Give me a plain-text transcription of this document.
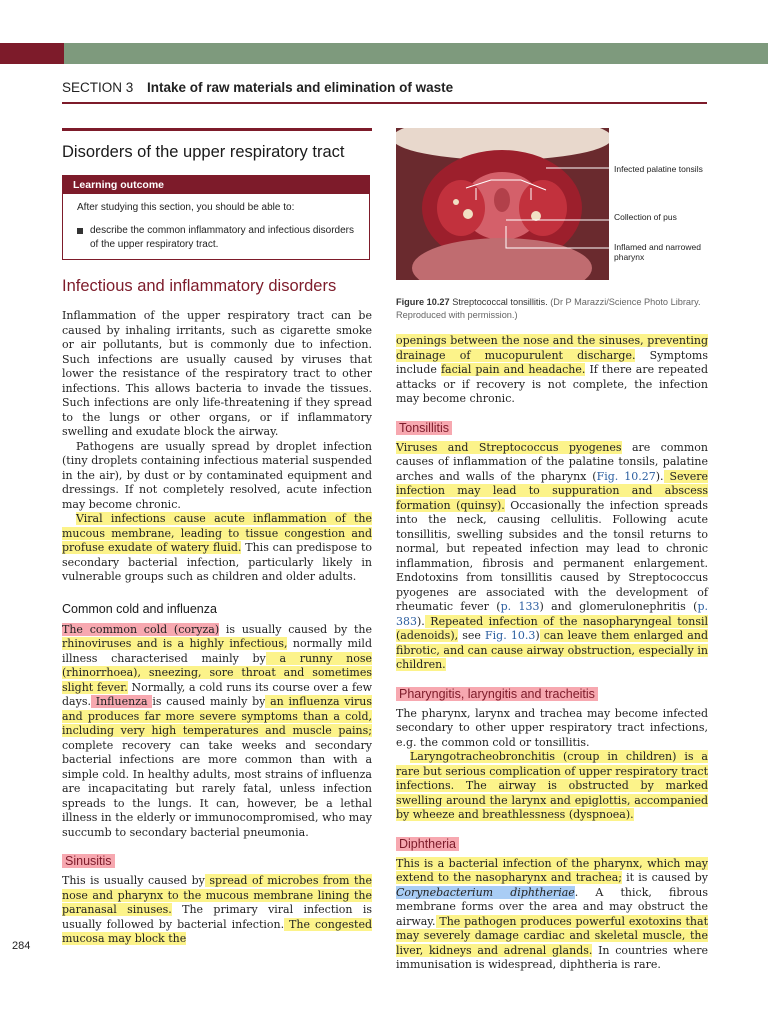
SECTION 3 Intake of raw materials and elimination of waste
Disorders of the upper respiratory tract
Learning outcome
After studying this section, you should be able to:
describe the common inflammatory and infectious disorders of the upper respiratory tract.
Infectious and inflammatory disorders

Inflammation of the upper respiratory tract can be caused by inhaling irritants, such as cigarette smoke or air pollutants, but is commonly due to infection. Such infections are usually caused by viruses that lower the resistance of the respiratory tract to other infections. This allows bacteria to invade the tissues. Such infections are only life-threatening if they spread to the lungs or other organs, or if inflammatory swelling and exudate block the airway.

Pathogens are usually spread by droplet infection (tiny droplets containing infectious material suspended in the air), by dust or by contaminated equipment and dressings. If not completely resolved, acute infection may become chronic.

Viral infections cause acute inflammation of the mucous membrane, leading to tissue congestion and profuse exudate of watery fluid. This can predispose to secondary bacterial infection, particularly likely in vulnerable groups such as children and older adults.

Common cold and influenza

The common cold (coryza) is usually caused by the rhinoviruses and is a highly infectious, normally mild illness characterised mainly by a runny nose (rhinorrhoea), sneezing, sore throat and sometimes slight fever. Normally, a cold runs its course over a few days. Influenza is caused mainly by an influenza virus and produces far more severe symptoms than a cold, including very high temperatures and muscle pains; complete recovery can take weeks and secondary bacterial infections are more common than with a simple cold. In healthy adults, most strains of influenza are incapacitating but rarely fatal, unless infection spreads to the lungs. It can, however, be a lethal illness in the elderly or immunocompromised, who may succumb to secondary bacterial pneumonia.

Sinusitis

This is usually caused by spread of microbes from the nose and pharynx to the mucous membrane lining the paranasal sinuses. The primary viral infection is usually followed by bacterial infection. The congested mucosa may block the

Infected palatine tonsils
Collection of pus
Inflamed and narrowed pharynx
Figure 10.27 Streptococcal tonsillitis. (Dr P Marazzi/Science Photo Library. Reproduced with permission.)

openings between the nose and the sinuses, preventing drainage of mucopurulent discharge. Symptoms include facial pain and headache. If there are repeated attacks or if recovery is not complete, the infection may become chronic.

Tonsillitis

Viruses and Streptococcus pyogenes are common causes of inflammation of the palatine tonsils, palatine arches and walls of the pharynx (Fig. 10.27). Severe infection may lead to suppuration and abscess formation (quinsy). Occasionally the infection spreads into the neck, causing cellulitis. Following acute tonsillitis, swelling subsides and the tonsil returns to normal, but repeated infection may lead to chronic inflammation, fibrosis and permanent enlargement. Endotoxins from tonsillitis caused by Streptococcus pyogenes are associated with the development of rheumatic fever (p. 133) and glomerulonephritis (p. 383). Repeated infection of the nasopharyngeal tonsil (adenoids), see Fig. 10.3) can leave them enlarged and fibrotic, and can cause airway obstruction, especially in children.

Pharyngitis, laryngitis and tracheitis

The pharynx, larynx and trachea may become infected secondary to other upper respiratory tract infections, e.g. the common cold or tonsillitis.

Laryngotracheobronchitis (croup in children) is a rare but serious complication of upper respiratory tract infections. The airway is obstructed by marked swelling around the larynx and epiglottis, accompanied by wheeze and breathlessness (dyspnoea).

Diphtheria

This is a bacterial infection of the pharynx, which may extend to the nasopharynx and trachea; it is caused by Corynebacterium diphtheriae. A thick, fibrous membrane forms over the area and may obstruct the airway. The pathogen produces powerful exotoxins that may severely damage cardiac and skeletal muscle, the liver, kidneys and adrenal glands. In countries where immunisation is widespread, diphtheria is rare.

284
